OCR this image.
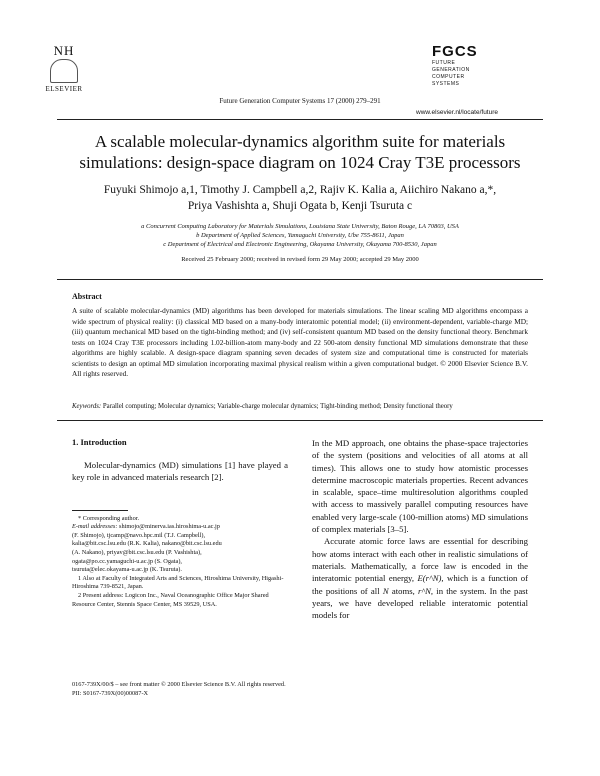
NH
ELSEVIER
Future Generation Computer Systems 17 (2000) 279–291
FGCS
FUTURE
GENERATION
COMPUTER
SYSTEMS
www.elsevier.nl/locate/future
A scalable molecular-dynamics algorithm suite for materials
simulations: design-space diagram on 1024 Cray T3E processors
Fuyuki Shimojo a,1, Timothy J. Campbell a,2, Rajiv K. Kalia a, Aiichiro Nakano a,*,
Priya Vashishta a, Shuji Ogata b, Kenji Tsuruta c
a Concurrent Computing Laboratory for Materials Simulations, Louisiana State University, Baton Rouge, LA 70803, USA
b Department of Applied Sciences, Yamaguchi University, Ube 755-8611, Japan
c Department of Electrical and Electronic Engineering, Okayama University, Okayama 700-8530, Japan
Received 25 February 2000; received in revised form 29 May 2000; accepted 29 May 2000
Abstract
A suite of scalable molecular-dynamics (MD) algorithms has been developed for materials simulations. The linear scaling MD algorithms encompass a wide spectrum of physical reality: (i) classical MD based on a many-body interatomic potential model; (ii) environment-dependent, variable-charge MD; (iii) quantum mechanical MD based on the tight-binding method; and (iv) self-consistent quantum MD based on the density functional theory. Benchmark tests on 1024 Cray T3E processors including 1.02-billion-atom many-body and 22 500-atom density functional MD simulations demonstrate that these algorithms are highly scalable. A design-space diagram spanning seven decades of system size and computational time is constructed for materials scientists to design an optimal MD simulation incorporating maximal physical realism within a given computational budget. © 2000 Elsevier Science B.V. All rights reserved.
Keywords: Parallel computing; Molecular dynamics; Variable-charge molecular dynamics; Tight-binding method; Density functional theory
1. Introduction

Molecular-dynamics (MD) simulations [1] have played a key role in advanced materials research [2].

* Corresponding author.

E-mail addresses: shimojo@minerva.ias.hiroshima-u.ac.jp
(F. Shimojo), tjcamp@navo.hpc.mil (T.J. Campbell),
kalia@bit.csc.lsu.edu (R.K. Kalia), nakano@bit.csc.lsu.edu
(A. Nakano), priyav@bit.csc.lsu.edu (P. Vashishta),
ogata@po.cc.yamaguchi-u.ac.jp (S. Ogata),
tsuruta@elec.okayama-u.ac.jp (K. Tsuruta).

1 Also at Faculty of Integrated Arts and Sciences, Hiroshima University, Higashi-Hiroshima 739-8521, Japan.

2 Present address: Logicon Inc., Naval Oceanographic Office Major Shared Resource Center, Stennis Space Center, MS 39529, USA.

In the MD approach, one obtains the phase-space trajectories of the system (positions and velocities of all atoms at all times). This allows one to study how atomistic processes determine macroscopic materials properties. Recent advances in scalable, space–time multiresolution algorithms coupled with access to massively parallel computing resources have enabled very large-scale (100-million atoms) MD simulations of complex materials [3–5].

Accurate atomic force laws are essential for describing how atoms interact with each other in realistic simulations of materials. Mathematically, a force law is encoded in the interatomic potential energy, E(r^N), which is a function of the positions of all N atoms, r^N, in the system. In the past years, we have developed reliable interatomic potential models for

0167-739X/00/$ – see front matter © 2000 Elsevier Science B.V. All rights reserved.
PII: S0167-739X(00)00087-X
